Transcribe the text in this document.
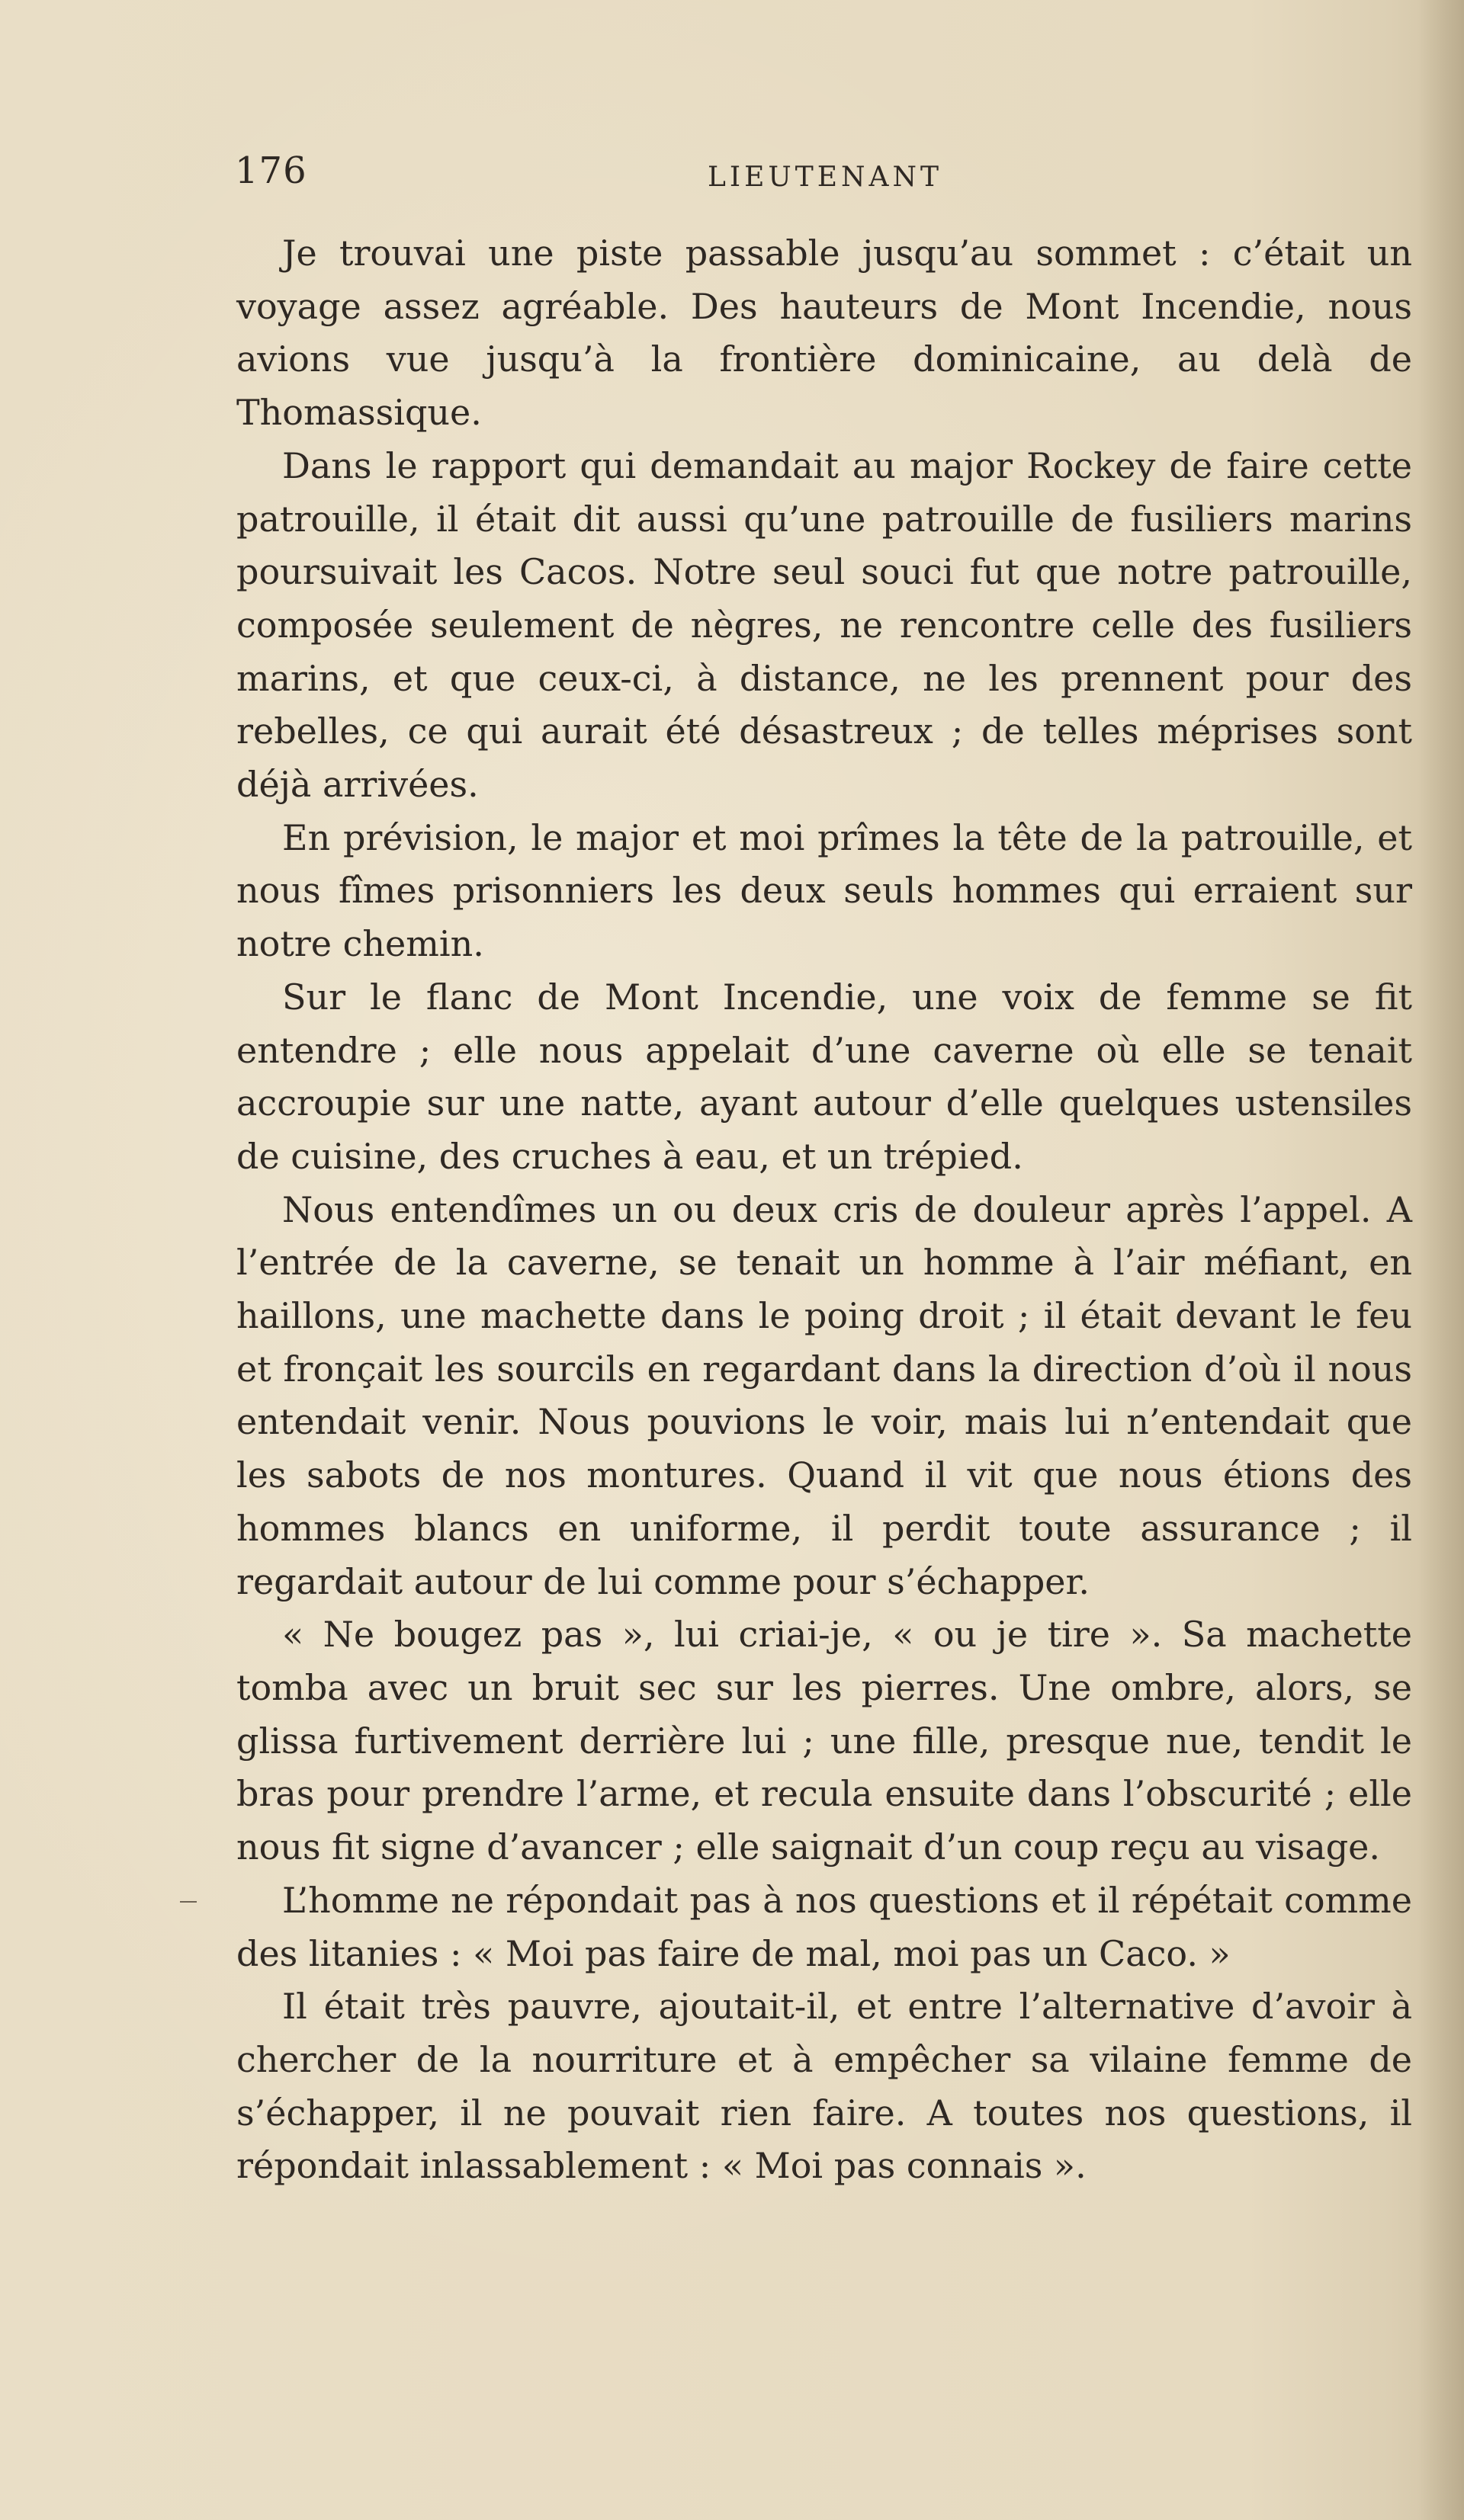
176	LIEUTENANT

Je trouvai une piste passable jusqu’au sommet : c’était un voyage assez agréable. Des hauteurs de Mont Incendie, nous avions vue jusqu’à la frontière dominicaine, au delà de Thomassique.

Dans le rapport qui demandait au major Rockey de faire cette patrouille, il était dit aussi qu’une patrouille de fusiliers marins poursuivait les Cacos. Notre seul souci fut que notre patrouille, composée seulement de nègres, ne rencontre celle des fusiliers marins, et que ceux-ci, à distance, ne les prennent pour des rebelles, ce qui aurait été désastreux ; de telles méprises sont déjà arrivées.

En prévision, le major et moi prîmes la tête de la patrouille, et nous fîmes prisonniers les deux seuls hommes qui erraient sur notre chemin.

Sur le flanc de Mont Incendie, une voix de femme se fit entendre ; elle nous appelait d’une caverne où elle se tenait accroupie sur une natte, ayant autour d’elle quelques ustensiles de cuisine, des cruches à eau, et un trépied.

Nous entendîmes un ou deux cris de douleur après l’appel. A l’entrée de la caverne, se tenait un homme à l’air méfiant, en haillons, une machette dans le poing droit ; il était devant le feu et fronçait les sourcils en regardant dans la direction d’où il nous entendait venir. Nous pouvions le voir, mais lui n’entendait que les sabots de nos montures. Quand il vit que nous étions des hommes blancs en uniforme, il perdit toute assurance ; il regardait autour de lui comme pour s’échapper.

« Ne bougez pas », lui criai-je, « ou je tire ». Sa machette tomba avec un bruit sec sur les pierres. Une ombre, alors, se glissa furtivement derrière lui ; une fille, presque nue, tendit le bras pour prendre l’arme, et recula ensuite dans l’obscurité ; elle nous fit signe d’avancer ; elle saignait d’un coup reçu au visage.

L’homme ne répondait pas à nos questions et il répétait comme des litanies : « Moi pas faire de mal, moi pas un Caco. »

Il était très pauvre, ajoutait-il, et entre l’alternative d’avoir à chercher de la nourriture et à empêcher sa vilaine femme de s’échapper, il ne pouvait rien faire. A toutes nos questions, il répondait inlassablement : « Moi pas connais ».
